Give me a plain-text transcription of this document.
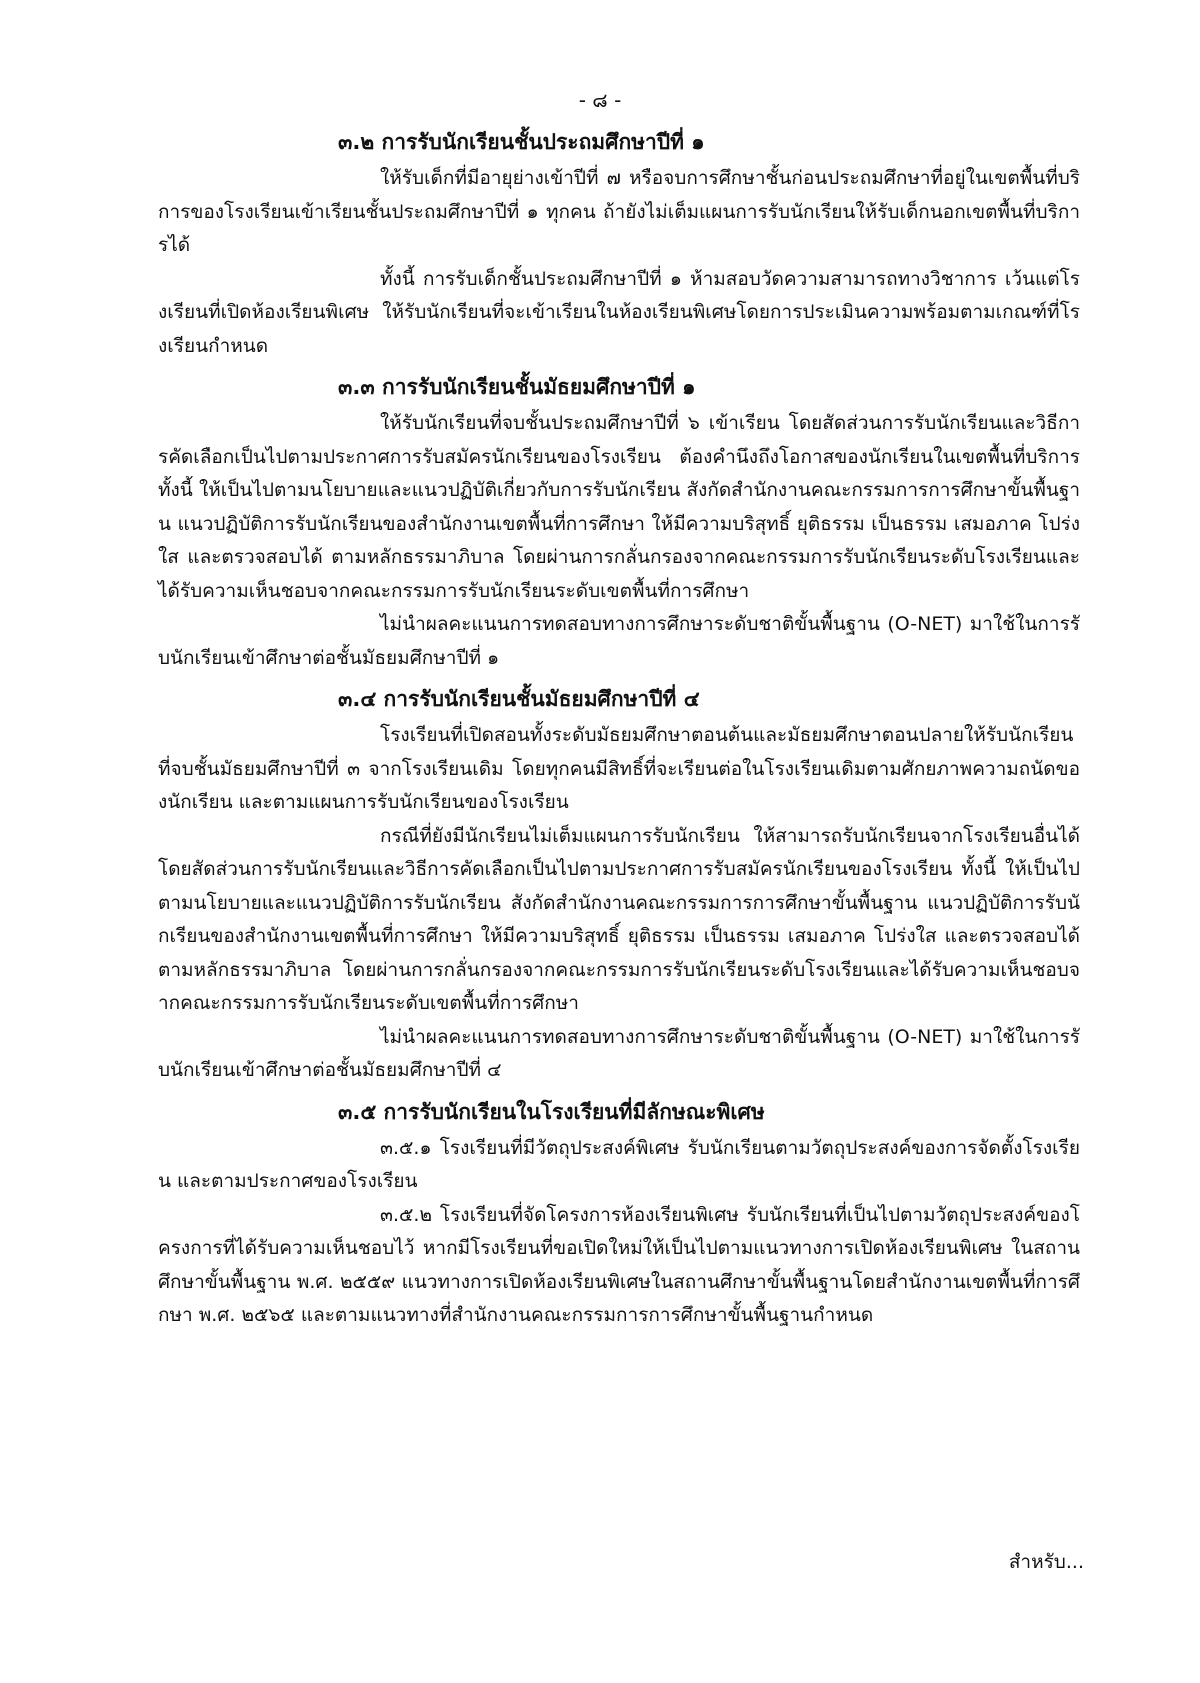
- ๘ -
๓.๒ การรับนักเรียนชั้นประถมศึกษาปีที่ ๑

ให้รับเด็กที่มีอายุย่างเข้าปีที่ ๗ หรือจบการศึกษาชั้นก่อนประถมศึกษาที่อยู่ในเขตพื้นที่บริการของโรงเรียนเข้าเรียนชั้นประถมศึกษาปีที่ ๑ ทุกคน ถ้ายังไม่เต็มแผนการรับนักเรียนให้รับเด็กนอกเขตพื้นที่บริการได้

ทั้งนี้ การรับเด็กชั้นประถมศึกษาปีที่ ๑ ห้ามสอบวัดความสามารถทางวิชาการ เว้นแต่โรงเรียนที่เปิดห้องเรียนพิเศษ ให้รับนักเรียนที่จะเข้าเรียนในห้องเรียนพิเศษโดยการประเมินความพร้อมตามเกณฑ์ที่โรงเรียนกำหนด

๓.๓ การรับนักเรียนชั้นมัธยมศึกษาปีที่ ๑

ให้รับนักเรียนที่จบชั้นประถมศึกษาปีที่ ๖ เข้าเรียน โดยสัดส่วนการรับนักเรียนและวิธีการคัดเลือกเป็นไปตามประกาศการรับสมัครนักเรียนของโรงเรียน ต้องคำนึงถึงโอกาสของนักเรียนในเขตพื้นที่บริการ ทั้งนี้ ให้เป็นไปตามนโยบายและแนวปฏิบัติเกี่ยวกับการรับนักเรียน สังกัดสำนักงานคณะกรรมการการศึกษาขั้นพื้นฐาน แนวปฏิบัติการรับนักเรียนของสำนักงานเขตพื้นที่การศึกษา ให้มีความบริสุทธิ์ ยุติธรรม เป็นธรรม เสมอภาค โปร่งใส และตรวจสอบได้ ตามหลักธรรมาภิบาล โดยผ่านการกลั่นกรองจากคณะกรรมการรับนักเรียนระดับโรงเรียนและได้รับความเห็นชอบจากคณะกรรมการรับนักเรียนระดับเขตพื้นที่การศึกษา

ไม่นำผลคะแนนการทดสอบทางการศึกษาระดับชาติขั้นพื้นฐาน (O-NET) มาใช้ในการรับนักเรียนเข้าศึกษาต่อชั้นมัธยมศึกษาปีที่ ๑

๓.๔ การรับนักเรียนชั้นมัธยมศึกษาปีที่ ๔

โรงเรียนที่เปิดสอนทั้งระดับมัธยมศึกษาตอนต้นและมัธยมศึกษาตอนปลายให้รับนักเรียนที่จบชั้นมัธยมศึกษาปีที่ ๓ จากโรงเรียนเดิม โดยทุกคนมีสิทธิ์ที่จะเรียนต่อในโรงเรียนเดิมตามศักยภาพความถนัดของนักเรียน และตามแผนการรับนักเรียนของโรงเรียน

กรณีที่ยังมีนักเรียนไม่เต็มแผนการรับนักเรียน ให้สามารถรับนักเรียนจากโรงเรียนอื่นได้ โดยสัดส่วนการรับนักเรียนและวิธีการคัดเลือกเป็นไปตามประกาศการรับสมัครนักเรียนของโรงเรียน ทั้งนี้ ให้เป็นไปตามนโยบายและแนวปฏิบัติการรับนักเรียน สังกัดสำนักงานคณะกรรมการการศึกษาขั้นพื้นฐาน แนวปฏิบัติการรับนักเรียนของสำนักงานเขตพื้นที่การศึกษา ให้มีความบริสุทธิ์ ยุติธรรม เป็นธรรม เสมอภาค โปร่งใส และตรวจสอบได้ ตามหลักธรรมาภิบาล โดยผ่านการกลั่นกรองจากคณะกรรมการรับนักเรียนระดับโรงเรียนและได้รับความเห็นชอบจากคณะกรรมการรับนักเรียนระดับเขตพื้นที่การศึกษา

ไม่นำผลคะแนนการทดสอบทางการศึกษาระดับชาติขั้นพื้นฐาน (O-NET) มาใช้ในการรับนักเรียนเข้าศึกษาต่อชั้นมัธยมศึกษาปีที่ ๔

๓.๕ การรับนักเรียนในโรงเรียนที่มีลักษณะพิเศษ

๓.๕.๑ โรงเรียนที่มีวัตถุประสงค์พิเศษ รับนักเรียนตามวัตถุประสงค์ของการจัดตั้งโรงเรียน และตามประกาศของโรงเรียน

๓.๕.๒ โรงเรียนที่จัดโครงการห้องเรียนพิเศษ รับนักเรียนที่เป็นไปตามวัตถุประสงค์ของโครงการที่ได้รับความเห็นชอบไว้ หากมีโรงเรียนที่ขอเปิดใหม่ให้เป็นไปตามแนวทางการเปิดห้องเรียนพิเศษ ในสถานศึกษาขั้นพื้นฐาน พ.ศ. ๒๕๕๙ แนวทางการเปิดห้องเรียนพิเศษในสถานศึกษาขั้นพื้นฐานโดยสำนักงานเขตพื้นที่การศึกษา พ.ศ. ๒๕๖๕ และตามแนวทางที่สำนักงานคณะกรรมการการศึกษาขั้นพื้นฐานกำหนด

สำหรับ...
